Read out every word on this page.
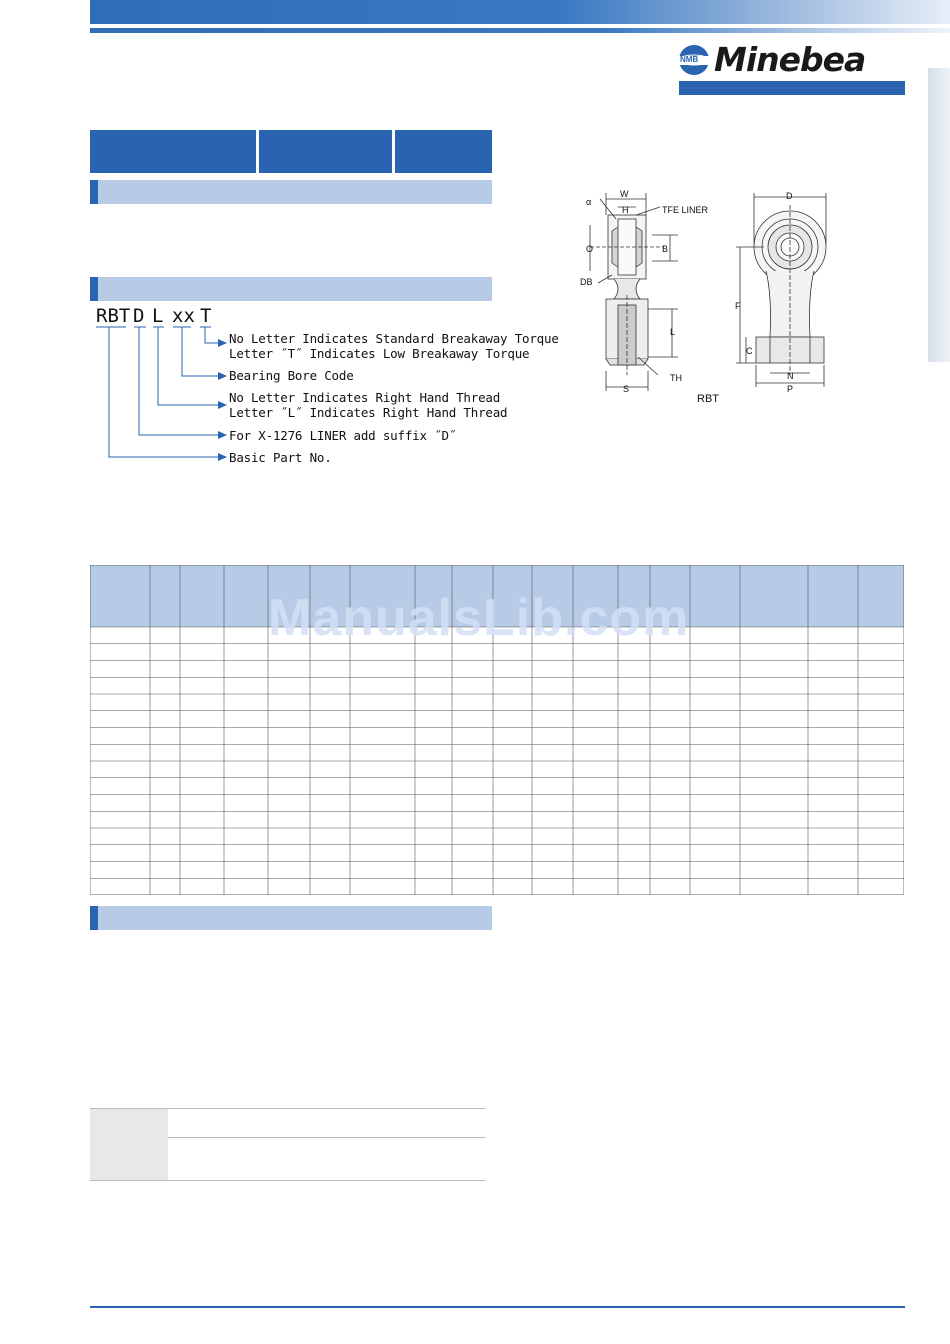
NMB Minebea
RBT D L xx T
No Letter Indicates Standard Breakaway Torque
Letter ˝T˝ Indicates Low Breakaway Torque
Bearing Bore Code
No Letter Indicates Right Hand Thread
Letter ˝L˝ Indicates Right Hand Thread
For X-1276 LINER add suffix ˝D˝
Basic Part No.
W
H
α
TFE LINER
O	B
DB
L
TH
S
D
F
C
N
P
RBT
ManualsLib.com
